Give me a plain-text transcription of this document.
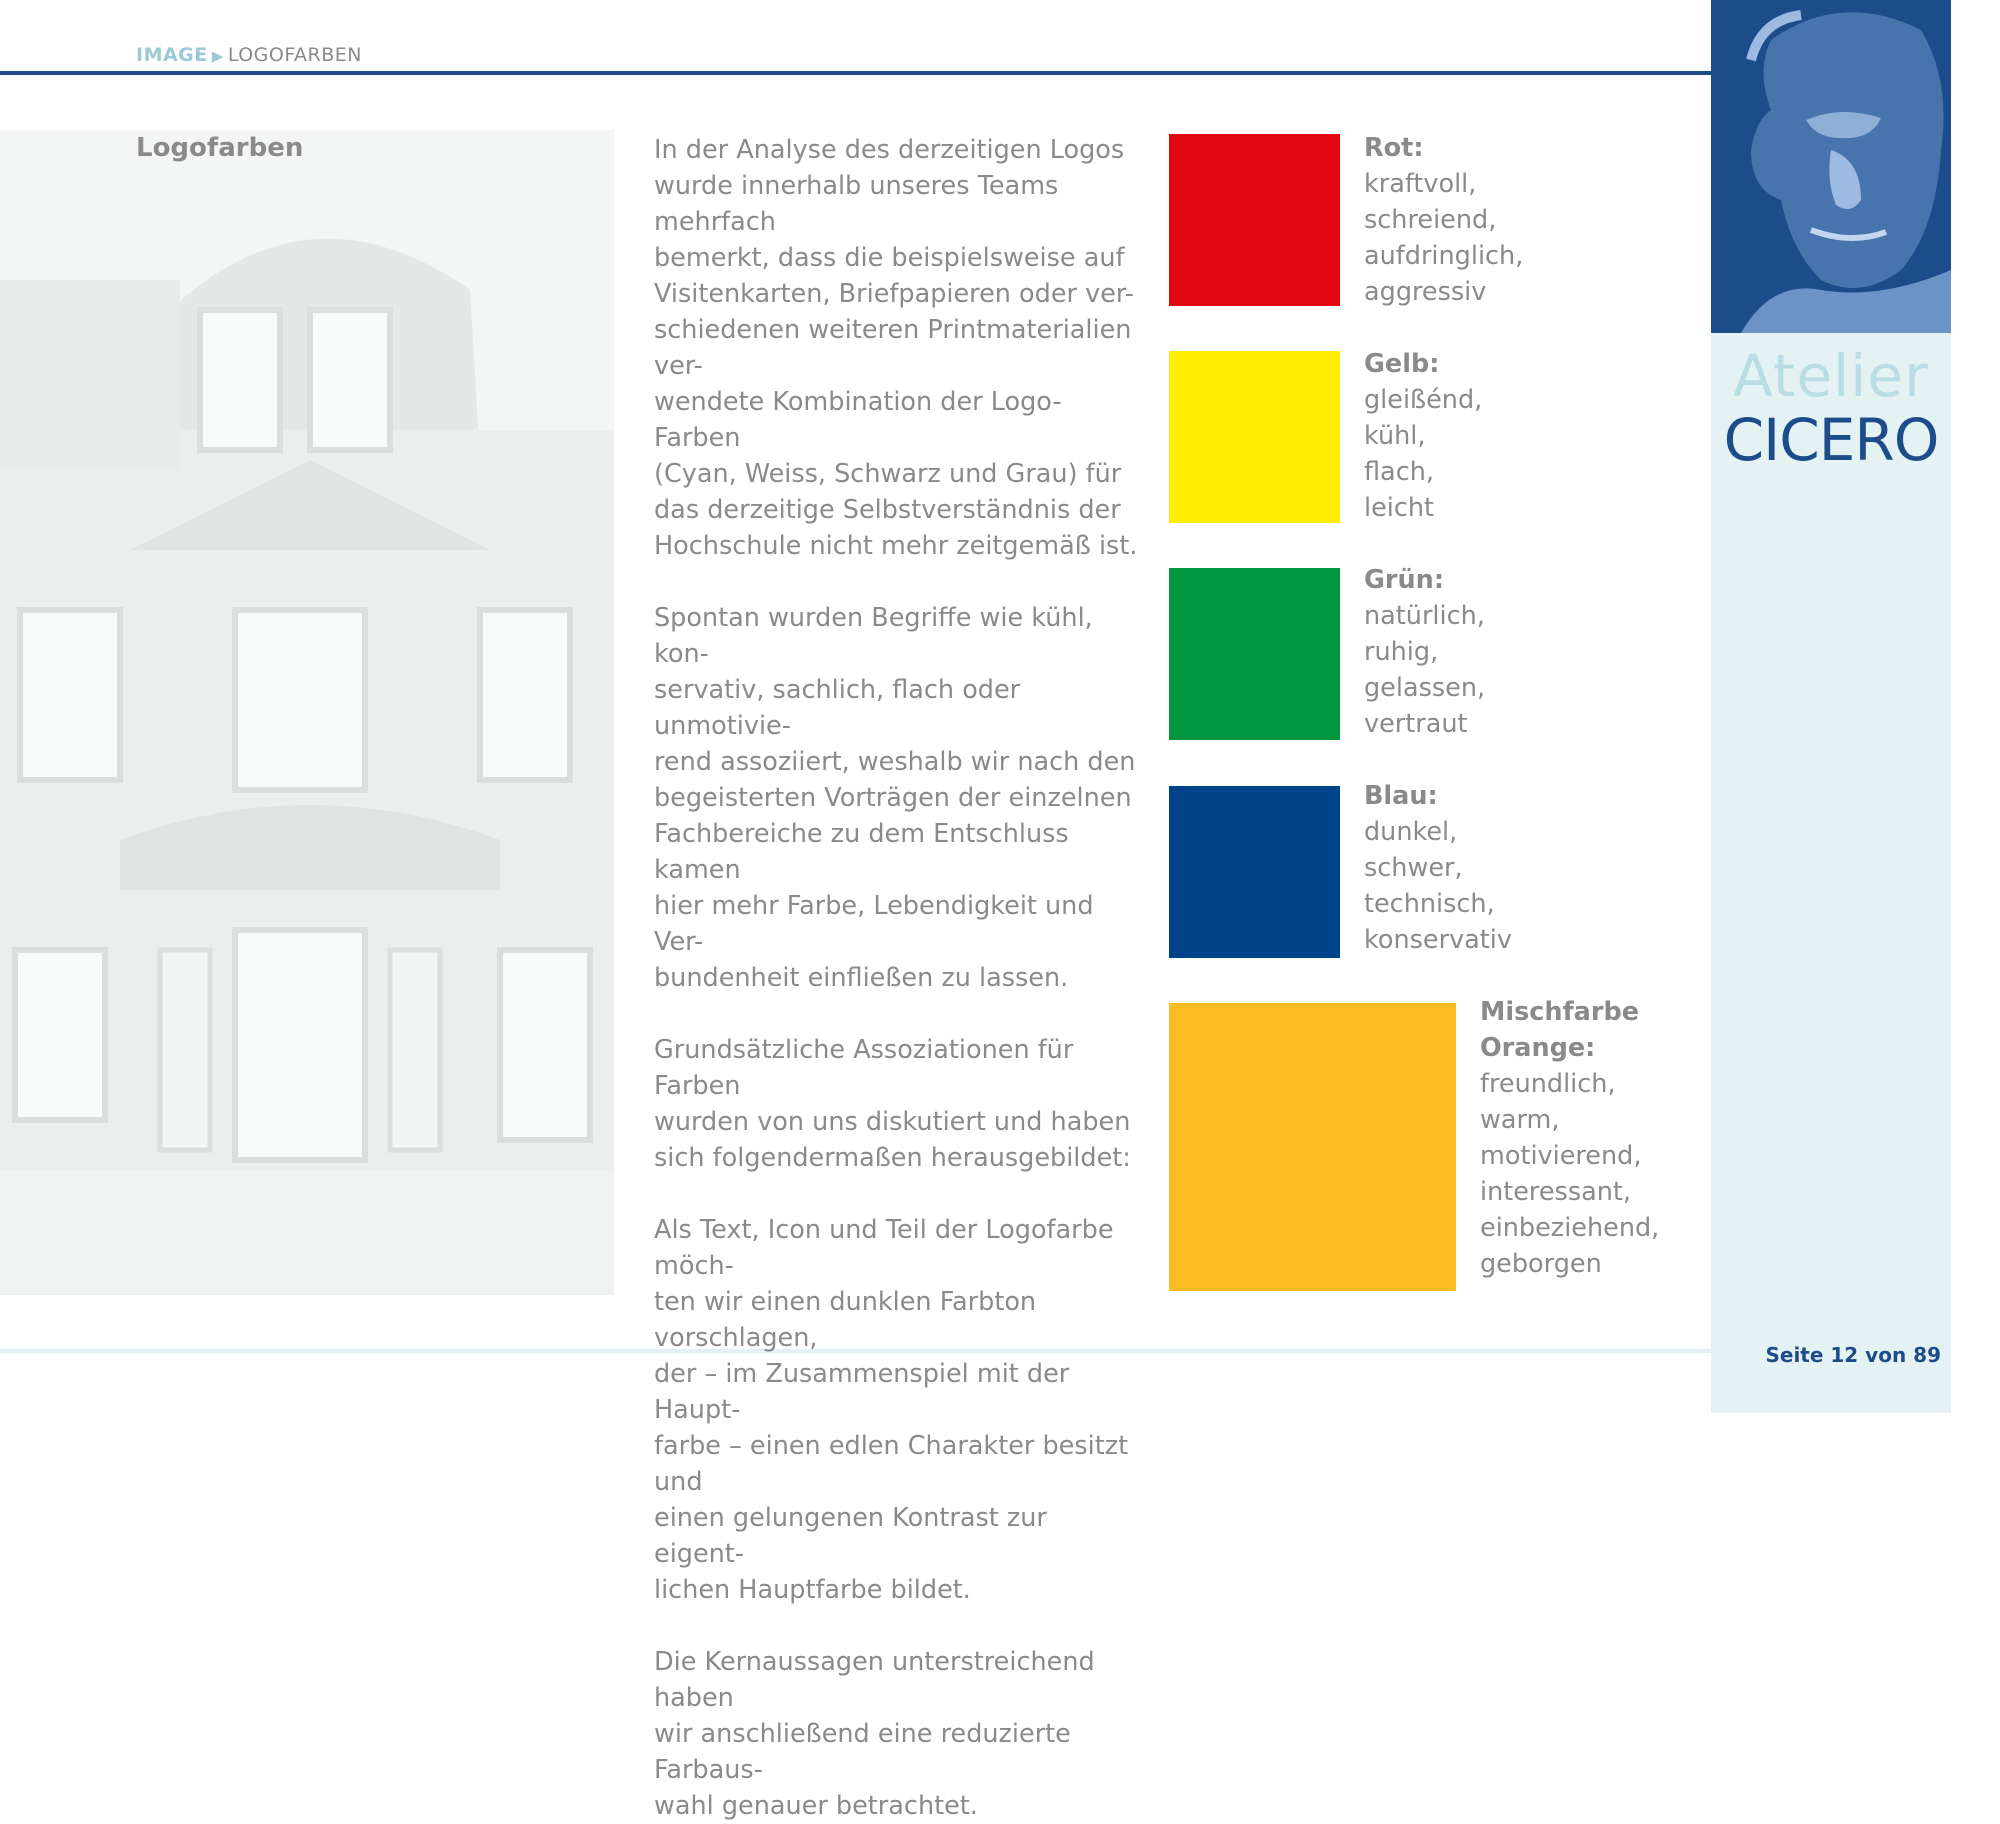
IMAGE ▶ LOGOFARBEN
Atelier
CICERO
Seite 12 von 89
Logofarben	In der Analyse des derzeitigen Logos
wurde innerhalb unseres Teams mehrfach
bemerkt, dass die beispielsweise auf
Visitenkarten, Briefpapieren oder ver-
schiedenen weiteren Printmaterialien ver-
wendete Kombination der Logo-Farben
(Cyan, Weiss, Schwarz und Grau) für
das derzeitige Selbstverständnis der
Hochschule nicht mehr zeitgemäß ist.

Spontan wurden Begriffe wie kühl, kon-
servativ, sachlich, flach oder unmotivie-
rend assoziiert, weshalb wir nach den
begeisterten Vorträgen der einzelnen
Fachbereiche zu dem Entschluss kamen
hier mehr Farbe, Lebendigkeit und Ver-
bundenheit einfließen zu lassen.

Grundsätzliche Assoziationen für Farben
wurden von uns diskutiert und haben
sich folgendermaßen herausgebildet:

Als Text, Icon und Teil der Logofarbe möch-
ten wir einen dunklen Farbton vorschlagen,
der – im Zusammenspiel mit der Haupt-
farbe – einen edlen Charakter besitzt und
einen gelungenen Kontrast zur eigent-
lichen Hauptfarbe bildet.

Die Kernaussagen unterstreichend haben
wir anschließend eine reduzierte Farbaus-
wahl genauer betrachtet.

Rot:
kraftvoll,
schreiend,
aufdringlich,
aggressiv
Gelb:
gleißénd,
kühl,
flach,
leicht
Grün:
natürlich,
ruhig,
gelassen,
vertraut
Blau:
dunkel,
schwer,
technisch,
konservativ
Mischfarbe
Orange:
freundlich,
warm,
motivierend,
interessant,
einbeziehend,
geborgen
